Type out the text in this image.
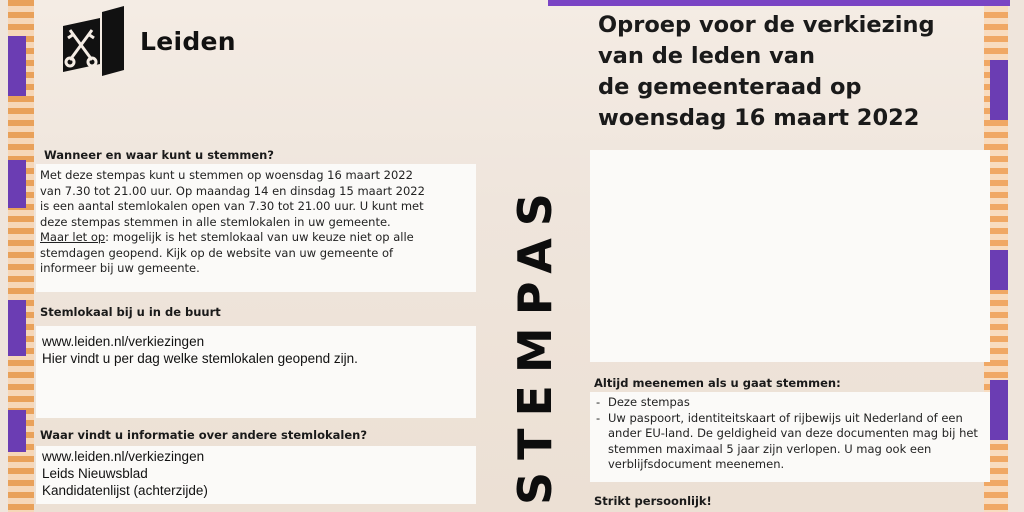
Leiden
Wanneer en waar kunt u stemmen?
Met deze stempas kunt u stemmen op woensdag 16 maart 2022
van 7.30 tot 21.00 uur. Op maandag 14 en dinsdag 15 maart 2022
is een aantal stemlokalen open van 7.30 tot 21.00 uur. U kunt met
deze stempas stemmen in alle stemlokalen in uw gemeente.
Maar let op: mogelijk is het stemlokaal van uw keuze niet op alle
stemdagen geopend. Kijk op de website van uw gemeente of
informeer bij uw gemeente.
Stemlokaal bij u in de buurt
www.leiden.nl/verkiezingen
Hier vindt u per dag welke stemlokalen geopend zijn.
Waar vindt u informatie over andere stemlokalen?
www.leiden.nl/verkiezingen
Leids Nieuwsblad
Kandidatenlijst (achterzijde)	STEMPAS
Oproep voor de verkiezing
van de leden van
de gemeenteraad op
woensdag 16 maart 2022
Altijd meenemen als u gaat stemmen:
- Deze stempas
- Uw paspoort, identiteitskaart of rijbewijs uit Nederland of een
ander EU-land. De geldigheid van deze documenten mag bij het
stemmen maximaal 5 jaar zijn verlopen. U mag ook een
verblijfsdocument meenemen.
Strikt persoonlijk!
